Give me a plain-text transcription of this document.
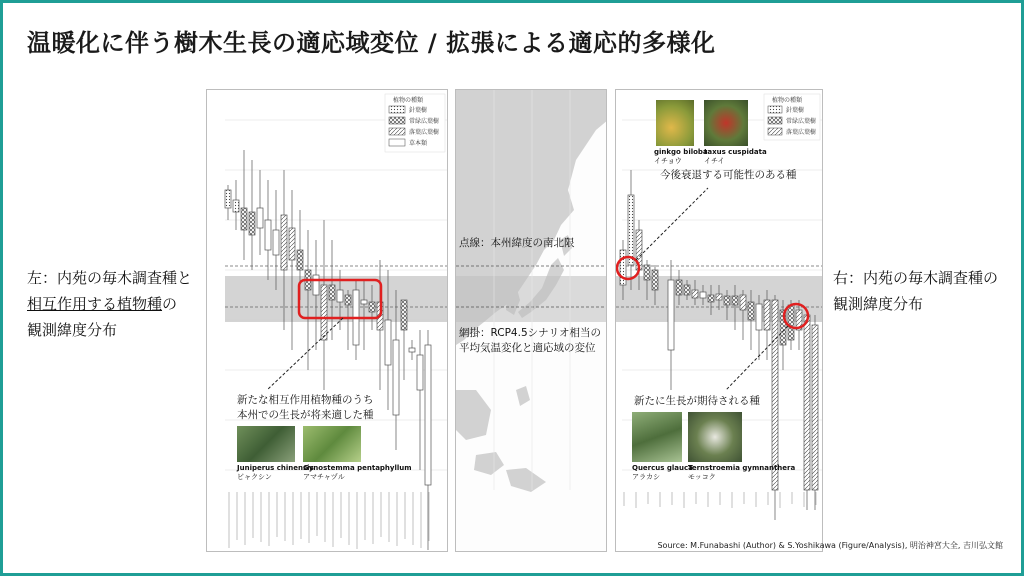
温暖化に伴う樹木生長の適応域変位 / 拡張による適応的多様化
左：内苑の毎木調査種と
相互作用する植物種の
観測緯度分布
右：内苑の毎木調査種の
観測緯度分布
植物の種類
針葉樹
常緑広葉樹
落葉広葉樹
草本類
新たな相互作用植物種のうち
本州での生長が将来適した種
Juniperus chinensis
ビャクシン
Gynostemma pentaphyllum
アマチャヅル
点線：本州緯度の南北限
網掛：RCP4.5シナリオ相当の
平均気温変化と適応域の変位
植物の種類
針葉樹
常緑広葉樹
落葉広葉樹
ginkgo biloba
イチョウ
taxus cuspidata
イチイ
今後衰退する可能性のある種
新たに生長が期待される種
Quercus glauca
アラカシ
Ternstroemia gymnanthera
モッコク
Source: M.Funabashi (Author) & S.Yoshikawa (Figure/Analysis), 明治神宮大全, 吉川弘文館
